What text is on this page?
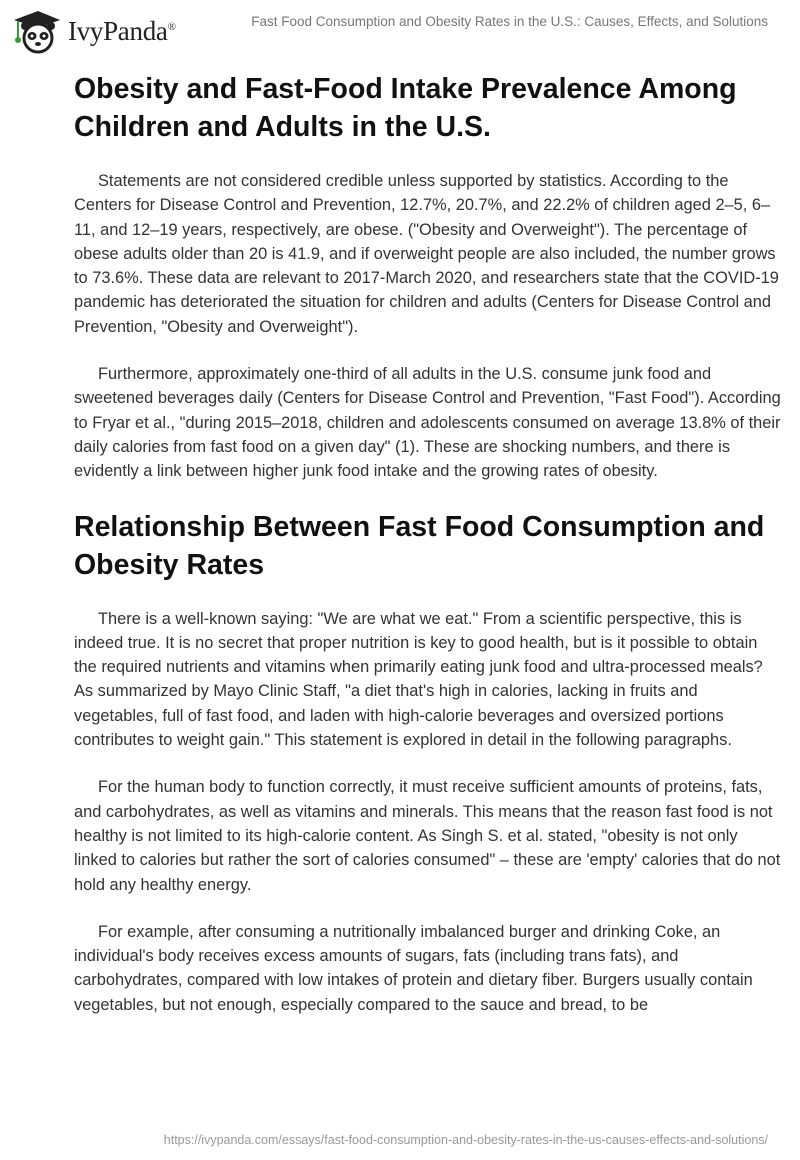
IvyPanda®	Fast Food Consumption and Obesity Rates in the U.S.: Causes, Effects, and Solutions
Obesity and Fast-Food Intake Prevalence Among Children and Adults in the U.S.

Statements are not considered credible unless supported by statistics. According to the Centers for Disease Control and Prevention, 12.7%, 20.7%, and 22.2% of children aged 2–5, 6–11, and 12–19 years, respectively, are obese. ("Obesity and Overweight"). The percentage of obese adults older than 20 is 41.9, and if overweight people are also included, the number grows to 73.6%. These data are relevant to 2017-March 2020, and researchers state that the COVID-19 pandemic has deteriorated the situation for children and adults (Centers for Disease Control and Prevention, "Obesity and Overweight").

Furthermore, approximately one-third of all adults in the U.S. consume junk food and sweetened beverages daily (Centers for Disease Control and Prevention, "Fast Food"). According to Fryar et al., "during 2015–2018, children and adolescents consumed on average 13.8% of their daily calories from fast food on a given day" (1). These are shocking numbers, and there is evidently a link between higher junk food intake and the growing rates of obesity.

Relationship Between Fast Food Consumption and Obesity Rates

There is a well-known saying: "We are what we eat." From a scientific perspective, this is indeed true. It is no secret that proper nutrition is key to good health, but is it possible to obtain the required nutrients and vitamins when primarily eating junk food and ultra-processed meals? As summarized by Mayo Clinic Staff, "a diet that's high in calories, lacking in fruits and vegetables, full of fast food, and laden with high-calorie beverages and oversized portions contributes to weight gain." This statement is explored in detail in the following paragraphs.

For the human body to function correctly, it must receive sufficient amounts of proteins, fats, and carbohydrates, as well as vitamins and minerals. This means that the reason fast food is not healthy is not limited to its high-calorie content. As Singh S. et al. stated, "obesity is not only linked to calories but rather the sort of calories consumed" – these are 'empty' calories that do not hold any healthy energy.

For example, after consuming a nutritionally imbalanced burger and drinking Coke, an individual's body receives excess amounts of sugars, fats (including trans fats), and carbohydrates, compared with low intakes of protein and dietary fiber. Burgers usually contain vegetables, but not enough, especially compared to the sauce and bread, to be

https://ivypanda.com/essays/fast-food-consumption-and-obesity-rates-in-the-us-causes-effects-and-solutions/
